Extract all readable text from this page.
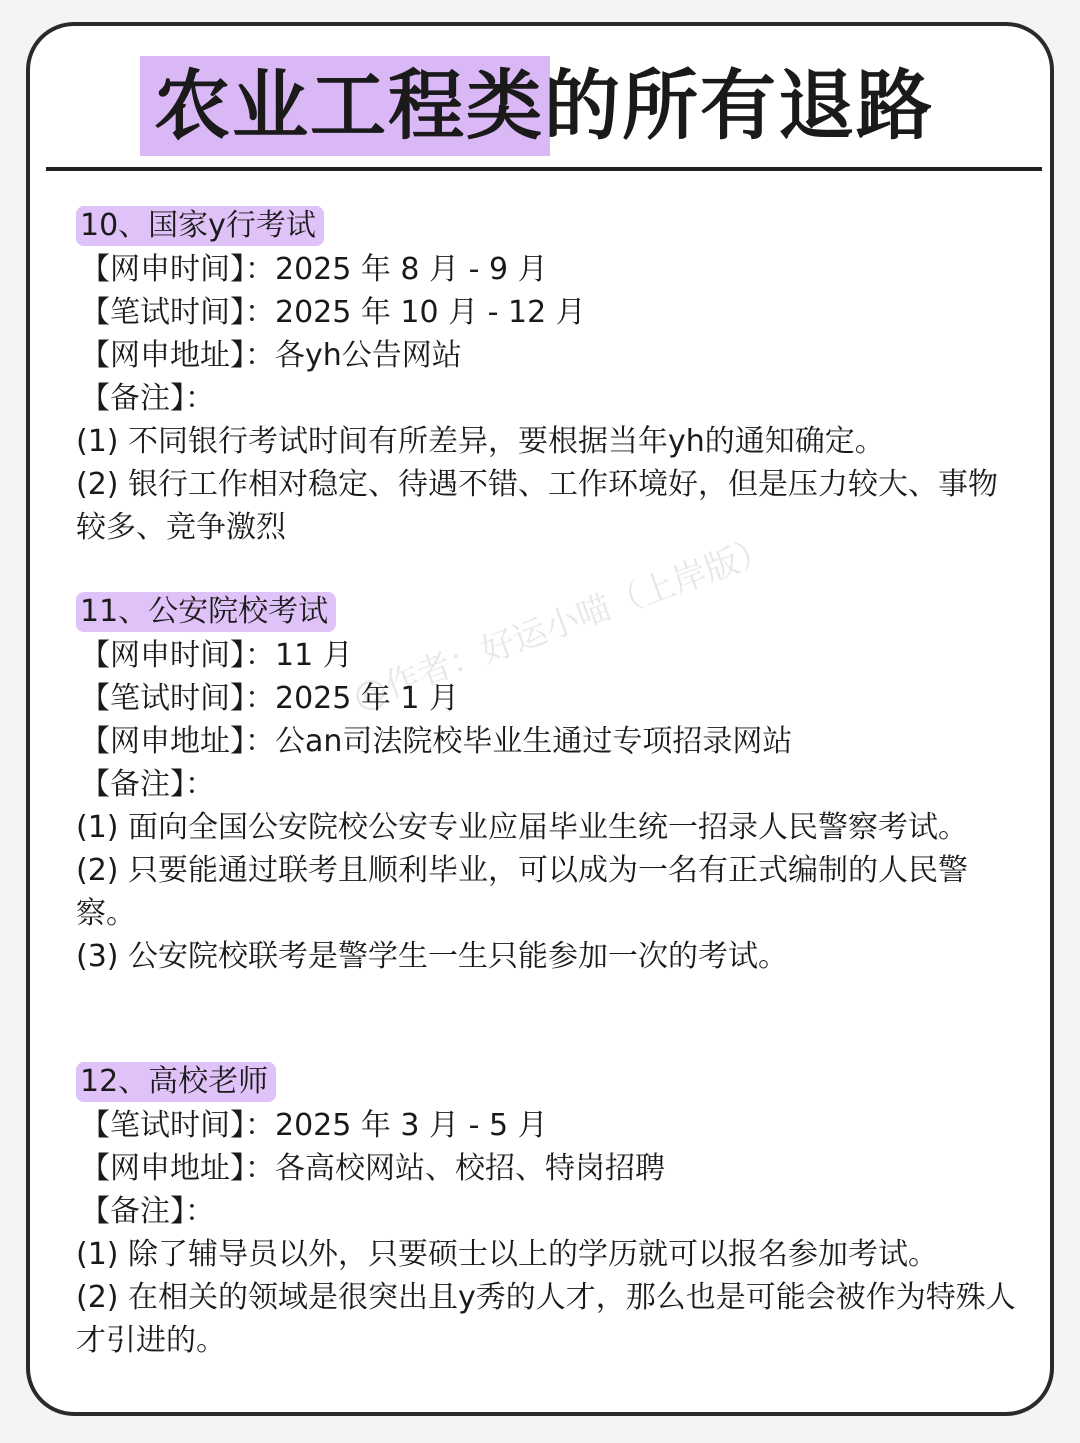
农业工程类的所有退路
@作者：好运小喵（上岸版）
10、国家y行考试
【网申时间】：2025 年 8 月 - 9 月
【笔试时间】：2025 年 10 月 - 12 月
【网申地址】：各yh公告网站
【备注】：
(1) 不同银行考试时间有所差异，要根据当年yh的通知确定。
(2) 银行工作相对稳定、待遇不错、工作环境好，但是压力较大、事物较多、竞争激烈
11、公安院校考试
【网申时间】：11 月
【笔试时间】：2025 年 1 月
【网申地址】：公an司法院校毕业生通过专项招录网站
【备注】：
(1) 面向全国公安院校公安专业应届毕业生统一招录人民警察考试。
(2) 只要能通过联考且顺利毕业，可以成为一名有正式编制的人民警察。
(3) 公安院校联考是警学生一生只能参加一次的考试。
12、高校老师
【笔试时间】：2025 年 3 月 - 5 月
【网申地址】：各高校网站、校招、特岗招聘
【备注】：
(1) 除了辅导员以外，只要硕士以上的学历就可以报名参加考试。
(2) 在相关的领域是很突出且y秀的人才，那么也是可能会被作为特殊人才引进的。
